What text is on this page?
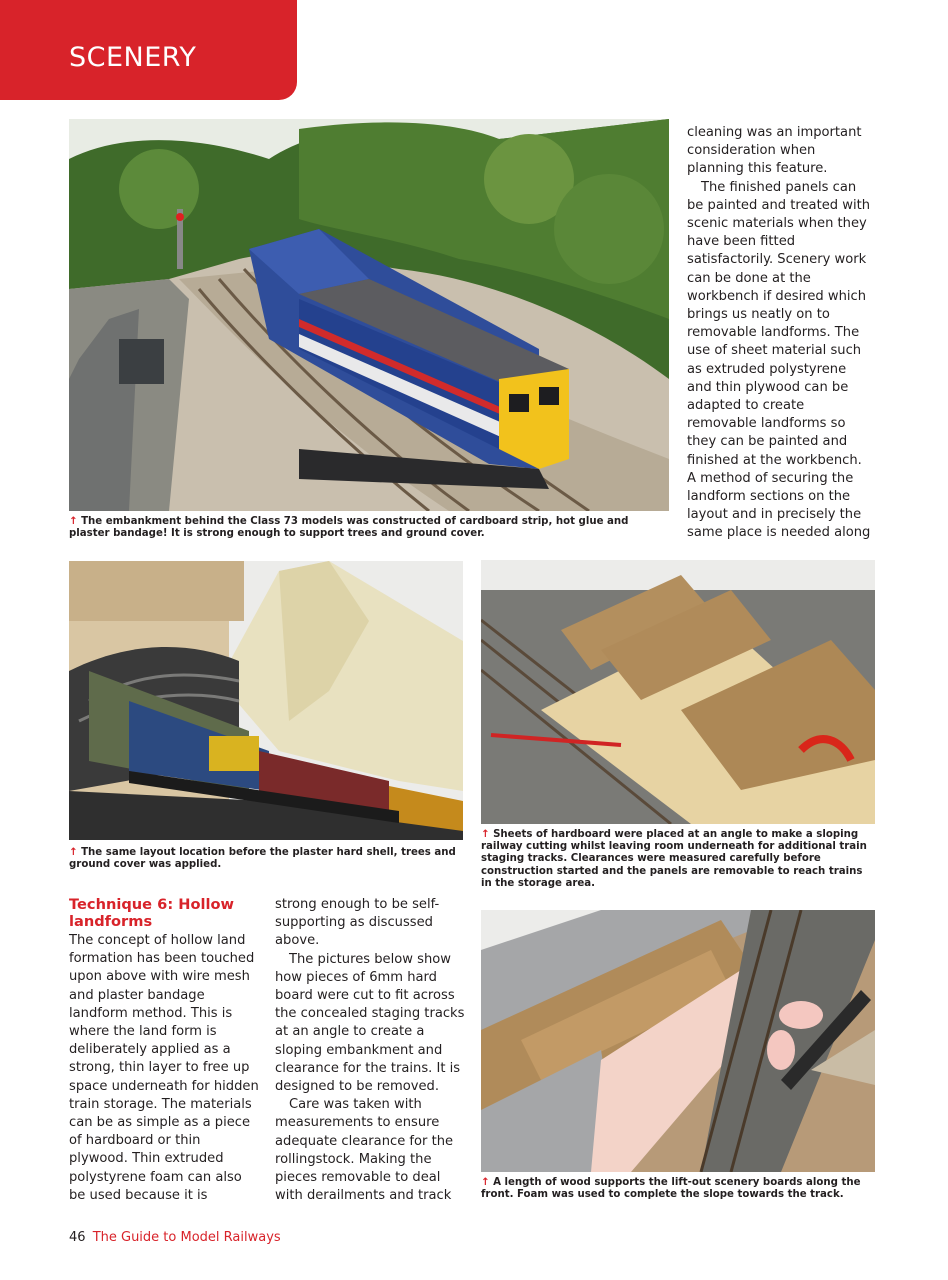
SCENERY
↑ The embankment behind the Class 73 models was constructed of cardboard strip, hot glue and plaster bandage! It is strong enough to support trees and ground cover.

cleaning was an important consideration when planning this feature.

The finished panels can be painted and treated with scenic materials when they have been fitted satisfactorily. Scenery work can be done at the workbench if desired which brings us neatly on to removable landforms. The use of sheet material such as extruded polystyrene and thin plywood can be adapted to create removable landforms so they can be painted and finished at the workbench. A method of securing the landform sections on the layout and in precisely the same place is needed along

↑ The same layout location before the plaster hard shell, trees and ground cover was applied.
↑ Sheets of hardboard were placed at an angle to make a sloping railway cutting whilst leaving room underneath for additional train staging tracks. Clearances were measured carefully before construction started and the panels are removable to reach trains in the storage area.
Technique 6: Hollow landforms

The concept of hollow land formation has been touched upon above with wire mesh and plaster bandage landform method. This is where the land form is deliberately applied as a strong, thin layer to free up space underneath for hidden train storage. The materials can be as simple as a piece of hardboard or thin plywood. Thin extruded polystyrene foam can also be used because it is

strong enough to be self-supporting as discussed above.

The pictures below show how pieces of 6mm hard board were cut to fit across the concealed staging tracks at an angle to create a sloping embankment and clearance for the trains. It is designed to be removed.

Care was taken with measurements to ensure adequate clearance for the rollingstock. Making the pieces removable to deal with derailments and track

↑ A length of wood supports the lift-out scenery boards along the front. Foam was used to complete the slope towards the track.
46 The Guide to Model Railways
